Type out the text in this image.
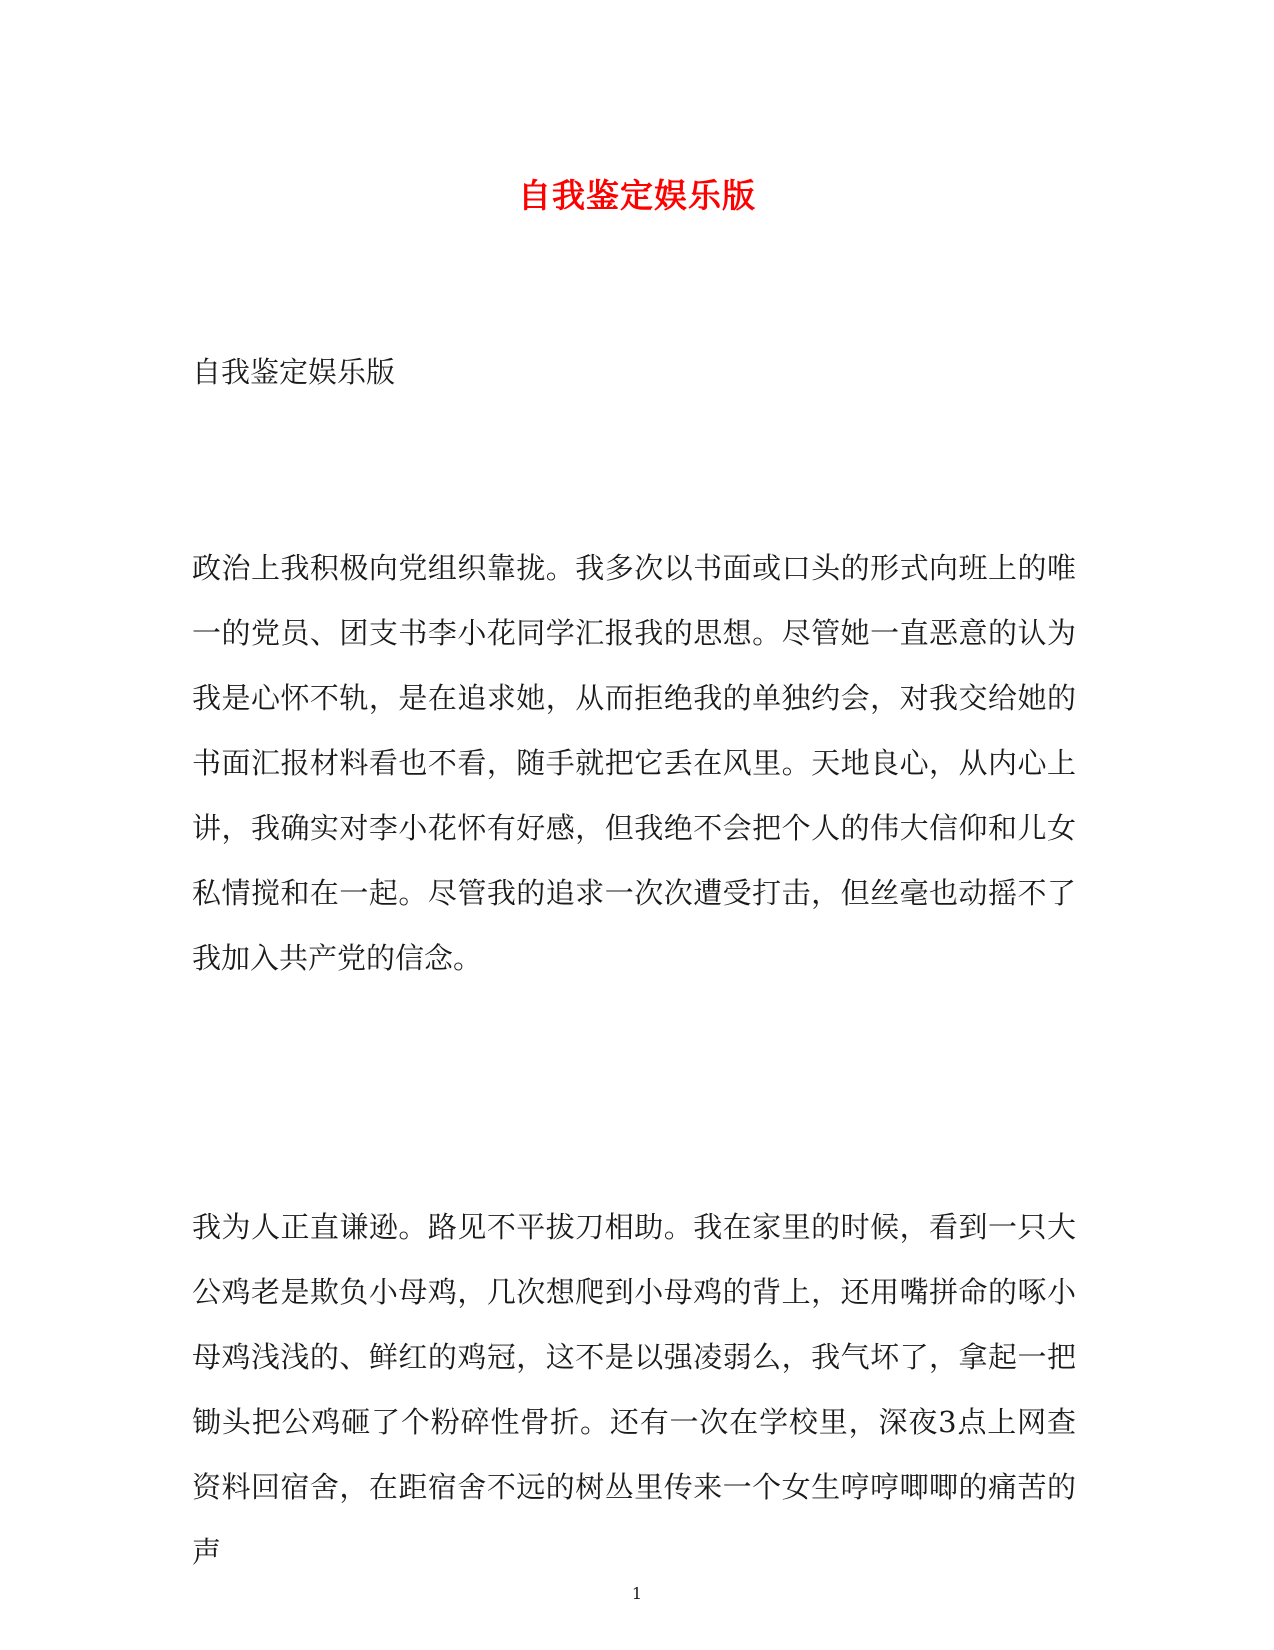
自我鉴定娱乐版

自我鉴定娱乐版

政治上我积极向党组织靠拢。我多次以书面或口头的形式向班上的唯一的党员、团支书李小花同学汇报我的思想。尽管她一直恶意的认为我是心怀不轨，是在追求她，从而拒绝我的单独约会，对我交给她的书面汇报材料看也不看，随手就把它丢在风里。天地良心，从内心上讲，我确实对李小花怀有好感，但我绝不会把个人的伟大信仰和儿女私情搅和在一起。尽管我的追求一次次遭受打击，但丝毫也动摇不了我加入共产党的信念。

我为人正直谦逊。路见不平拔刀相助。我在家里的时候，看到一只大公鸡老是欺负小母鸡，几次想爬到小母鸡的背上，还用嘴拼命的啄小母鸡浅浅的、鲜红的鸡冠，这不是以强凌弱么，我气坏了，拿起一把锄头把公鸡砸了个粉碎性骨折。还有一次在学校里，深夜3点上网查资料回宿舍，在距宿舍不远的树丛里传来一个女生哼哼唧唧的痛苦的声

1
